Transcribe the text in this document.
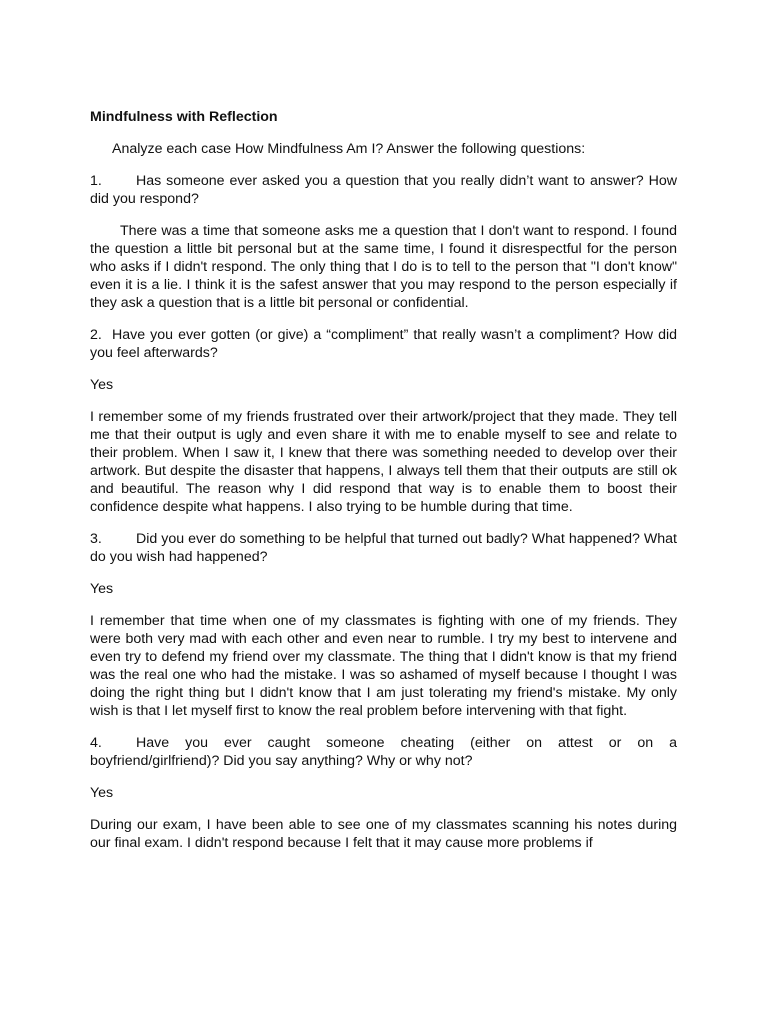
Mindfulness with Reflection

Analyze each case How Mindfulness Am I? Answer the following questions:

1. Has someone ever asked you a question that you really didn’t want to answer? How did you respond?

There was a time that someone asks me a question that I don't want to respond. I found the question a little bit personal but at the same time, I found it disrespectful for the person who asks if I didn't respond. The only thing that I do is to tell to the person that "I don't know" even it is a lie. I think it is the safest answer that you may respond to the person especially if they ask a question that is a little bit personal or confidential.

2. Have you ever gotten (or give) a “compliment” that really wasn’t a compliment? How did you feel afterwards?

Yes

I remember some of my friends frustrated over their artwork/project that they made. They tell me that their output is ugly and even share it with me to enable myself to see and relate to their problem. When I saw it, I knew that there was something needed to develop over their artwork. But despite the disaster that happens, I always tell them that their outputs are still ok and beautiful. The reason why I did respond that way is to enable them to boost their confidence despite what happens. I also trying to be humble during that time.

3. Did you ever do something to be helpful that turned out badly? What happened? What do you wish had happened?

Yes

I remember that time when one of my classmates is fighting with one of my friends. They were both very mad with each other and even near to rumble. I try my best to intervene and even try to defend my friend over my classmate. The thing that I didn't know is that my friend was the real one who had the mistake. I was so ashamed of myself because I thought I was doing the right thing but I didn't know that I am just tolerating my friend's mistake. My only wish is that I let myself first to know the real problem before intervening with that fight.

4. Have you ever caught someone cheating (either on attest or on a boyfriend/girlfriend)? Did you say anything? Why or why not?

Yes

During our exam, I have been able to see one of my classmates scanning his notes during our final exam. I didn't respond because I felt that it may cause more problems if
